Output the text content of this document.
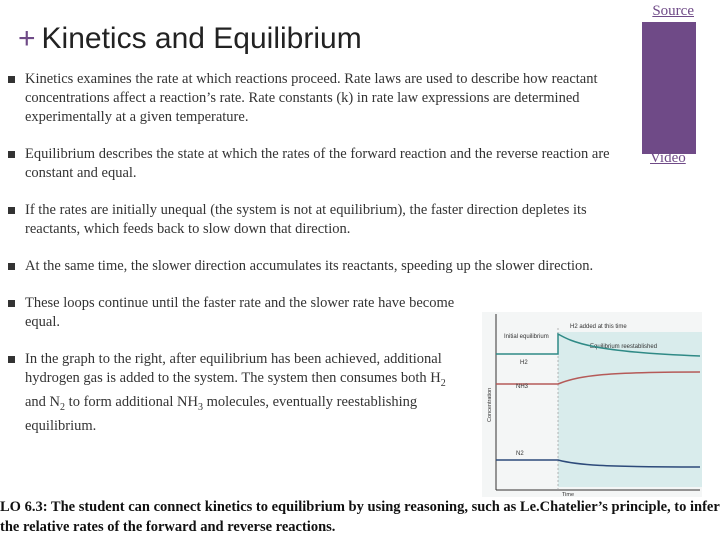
Source
Video
+ Kinetics and Equilibrium
Kinetics examines the rate at which reactions proceed. Rate laws are used to describe how reactant concentrations affect a reaction’s rate. Rate constants (k) in rate law expressions are determined experimentally at a given temperature.
Equilibrium describes the state at which the rates of the forward reaction and the reverse reaction are constant and equal.
If the rates are initially unequal (the system is not at equilibrium), the faster direction depletes its reactants, which feeds back to slow down that direction.
At the same time, the slower direction accumulates its reactants, speeding up the slower direction.
These loops continue until the faster rate and the slower rate have become equal.
In the graph to the right, after equilibrium has been achieved, additional hydrogen gas is added to the system. The system then consumes both $H_2$ and $N_2$ to form additional $NH_3$ molecules, eventually reestablishing equilibrium.
Initial equilibrium
H2 added at this time
Equilibrium reestablished
H2
NH3
N2
Concentration
Time
LO 6.3: The student can connect kinetics to equilibrium by using reasoning, such as Le.Chatelier’s principle, to infer the relative rates of the forward and reverse reactions.
